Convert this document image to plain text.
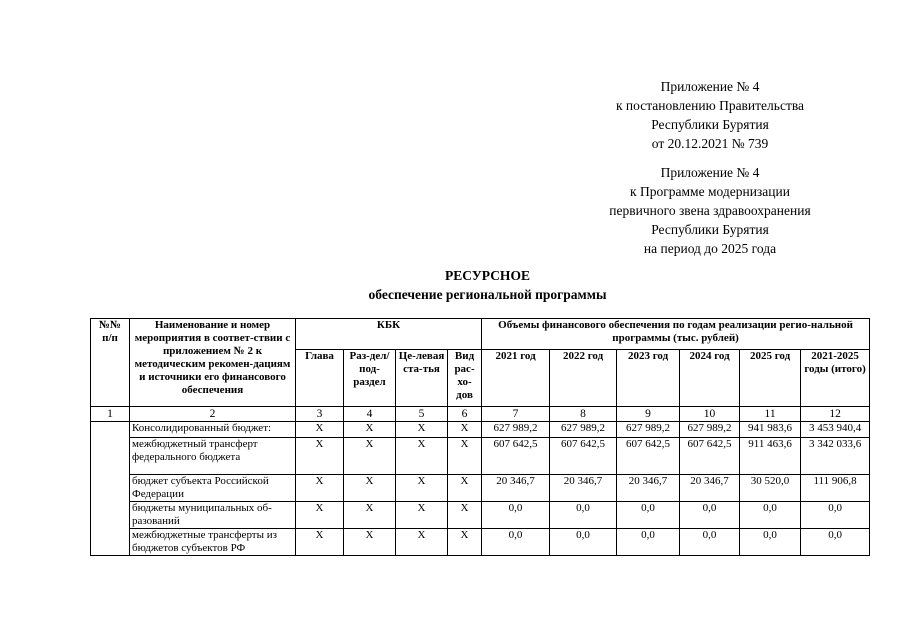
Приложение № 4
к постановлению Правительства
Республики Бурятия
от 20.12.2021 № 739
Приложение № 4
к Программе модернизации
первичного звена здравоохранения
Республики Бурятия
на период до 2025 года
РЕСУРСНОЕ
обеспечение региональной программы
№№ п/п	Наименование и номер мероприятия в соответ-ствии с приложением № 2 к методическим рекомен-дациям и источники его финансового обеспечения	КБК				Объемы финансового обеспечения по годам реализации регио-нальной программы (тыс. рублей)					
		Глава	Раз-дел/ под-раздел	Це-левая ста-тья	Вид рас-хо-дов	2021 год	2022 год	2023 год	2024 год	2025 год	2021-2025 годы (итого)
1	2	3	4	5	6	7	8	9	10	11	12
	Консолидированный бюджет:	Х	Х	Х	Х	627 989,2	627 989,2	627 989,2	627 989,2	941 983,6	3 453 940,4
	межбюджетный трансферт федерального бюджета	Х	Х	Х	Х	607 642,5	607 642,5	607 642,5	607 642,5	911 463,6	3 342 033,6
	бюджет субъекта Российской Федерации	Х	Х	Х	Х	20 346,7	20 346,7	20 346,7	20 346,7	30 520,0	111 906,8
	бюджеты муниципальных об-разований	Х	Х	Х	Х	0,0	0,0	0,0	0,0	0,0	0,0
	межбюджетные трансферты из бюджетов субъектов РФ	Х	Х	Х	Х	0,0	0,0	0,0	0,0	0,0	0,0
